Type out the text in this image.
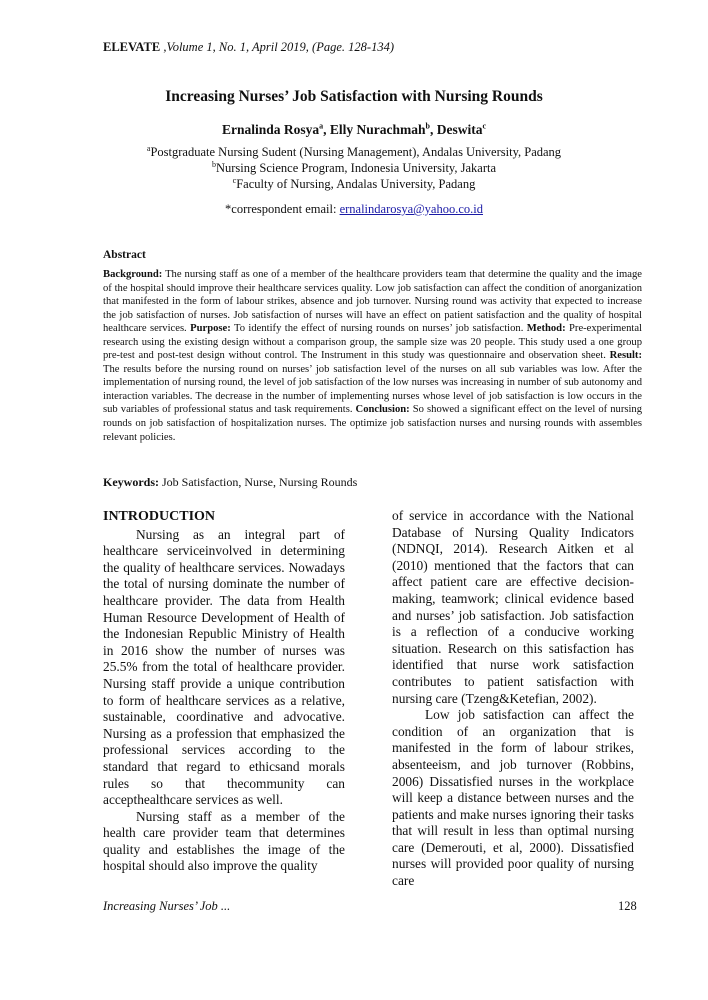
ELEVATE ,Volume 1, No. 1, April 2019, (Page. 128-134)
Increasing Nurses’ Job Satisfaction with Nursing Rounds
Ernalinda Rosya$^a$, Elly Nurachmah$^b$, Deswita$^c$
$^a$Postgraduate Nursing Sudent (Nursing Management), Andalas University, Padang
$^b$Nursing Science Program, Indonesia University, Jakarta
$^c$Faculty of Nursing, Andalas University, Padang
*correspondent email: ernalindarosya@yahoo.co.id
Abstract
Background: The nursing staff as one of a member of the healthcare providers team that determine the quality and the image of the hospital should improve their healthcare services quality. Low job satisfaction can affect the condition of anorganization that manifested in the form of labour strikes, absence and job turnover. Nursing round was activity that expected to increase the job satisfaction of nurses. Job satisfaction of nurses will have an effect on patient satisfaction and the quality of hospital healthcare services. Purpose: To identify the effect of nursing rounds on nurses’ job satisfaction. Method: Pre-experimental research using the existing design without a comparison group, the sample size was 20 people. This study used a one group pre-test and post-test design without control. The Instrument in this study was questionnaire and observation sheet. Result: The results before the nursing round on nurses’ job satisfaction level of the nurses on all sub variables was low. After the implementation of nursing round, the level of job satisfaction of the low nurses was increasing in number of sub autonomy and interaction variables. The decrease in the number of implementing nurses whose level of job satisfaction is low occurs in the sub variables of professional status and task requirements. Conclusion: So showed a significant effect on the level of nursing rounds on job satisfaction of hospitalization nurses. The optimize job satisfaction nurses and nursing rounds with assembles relevant policies.
Keywords: Job Satisfaction, Nurse, Nursing Rounds
INTRODUCTION

Nursing as an integral part of healthcare serviceinvolved in determining the quality of healthcare services. Nowadays the total of nursing dominate the number of healthcare provider. The data from Health Human Resource Development of Health of the Indonesian Republic Ministry of Health in 2016 show the number of nurses was 25.5% from the total of healthcare provider. Nursing staff provide a unique contribution to form of healthcare services as a relative, sustainable, coordinative and advocative. Nursing as a profession that emphasized the professional services according to the standard that regard to ethicsand morals rules so that thecommunity can accepthealthcare services as well.

Nursing staff as a member of the health care provider team that determines quality and establishes the image of the hospital should also improve the quality

of service in accordance with the National Database of Nursing Quality Indicators (NDNQI, 2014). Research Aitken et al (2010) mentioned that the factors that can affect patient care are effective decision-making, teamwork; clinical evidence based and nurses’ job satisfaction. Job satisfaction is a reflection of a conducive working situation. Research on this satisfaction has identified that nurse work satisfaction contributes to patient satisfaction with nursing care (Tzeng&Ketefian, 2002).

Low job satisfaction can affect the condition of an organization that is manifested in the form of labour strikes, absenteeism, and job turnover (Robbins, 2006) Dissatisfied nurses in the workplace will keep a distance between nurses and the patients and make nurses ignoring their tasks that will result in less than optimal nursing care (Demerouti, et al, 2000). Dissatisfied nurses will provided poor quality of nursing care

Increasing Nurses’ Job ...	128
